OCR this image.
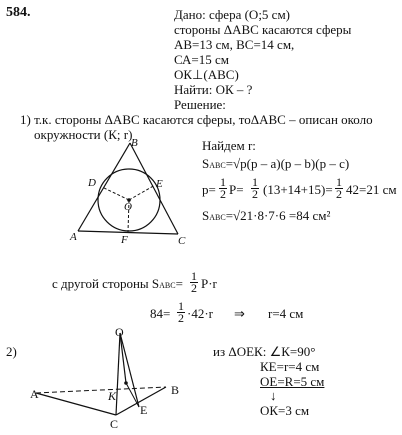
584.	Дано: сфера (О;5 см)
стороны ΔАВС касаются сферы
АВ=13 см, ВС=14 см,
СА=15 см
ОК⊥(АВС)
Найти: ОК – ?
Решение:
1) т.к. стороны ΔАВС касаются сферы, тоΔАВС – описан около
окружности (К; r)
B
D	E
O
A	F	C
Найдем r:
SABC=√p(p – a)(p – b)(p – c)
p= 1
2 P= 1
2 (13+14+15)= 1
2 42=21 см
SABC=√21·8·7·6 =84 см²
с другой стороны SABC= 1
2 P·r
84= 1
2 ·42·r ⇒ r=4 см
2)
O
A	K	B
C
E
из ΔОЕК: ∠К=90°
КЕ=r=4 см
ОЕ=R=5 см
↓
ОК=3 см
